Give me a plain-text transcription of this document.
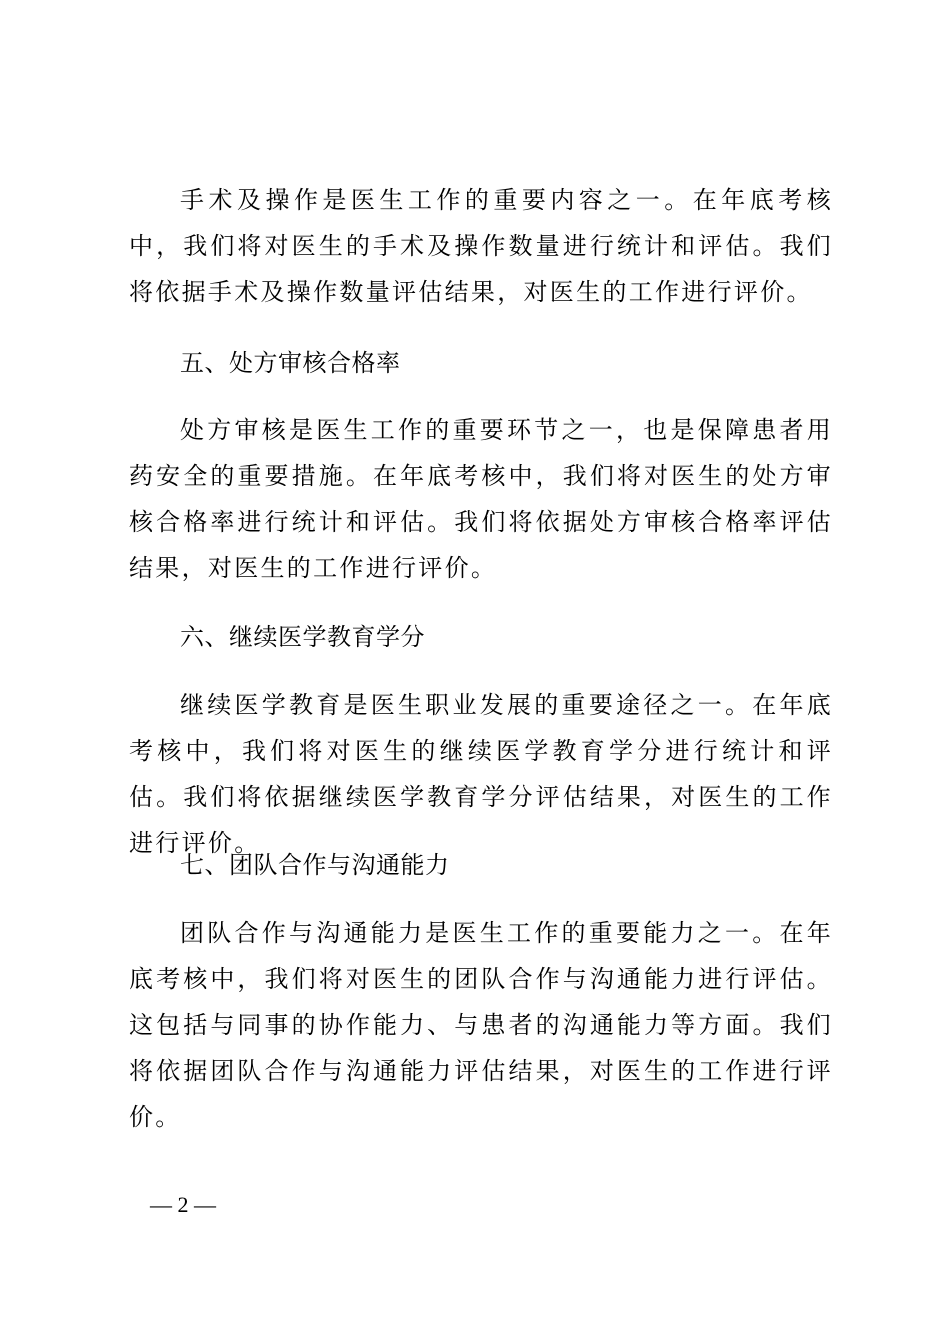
手术及操作是医生工作的重要内容之一。在年底考核中，我们将对医生的手术及操作数量进行统计和评估。我们将依据手术及操作数量评估结果，对医生的工作进行评价。

五、处方审核合格率

处方审核是医生工作的重要环节之一，也是保障患者用药安全的重要措施。在年底考核中，我们将对医生的处方审核合格率进行统计和评估。我们将依据处方审核合格率评估结果，对医生的工作进行评价。

六、继续医学教育学分

继续医学教育是医生职业发展的重要途径之一。在年底考核中，我们将对医生的继续医学教育学分进行统计和评估。我们将依据继续医学教育学分评估结果，对医生的工作进行评价。

七、团队合作与沟通能力

团队合作与沟通能力是医生工作的重要能力之一。在年底考核中，我们将对医生的团队合作与沟通能力进行评估。这包括与同事的协作能力、与患者的沟通能力等方面。我们将依据团队合作与沟通能力评估结果，对医生的工作进行评价。

— 2 —
